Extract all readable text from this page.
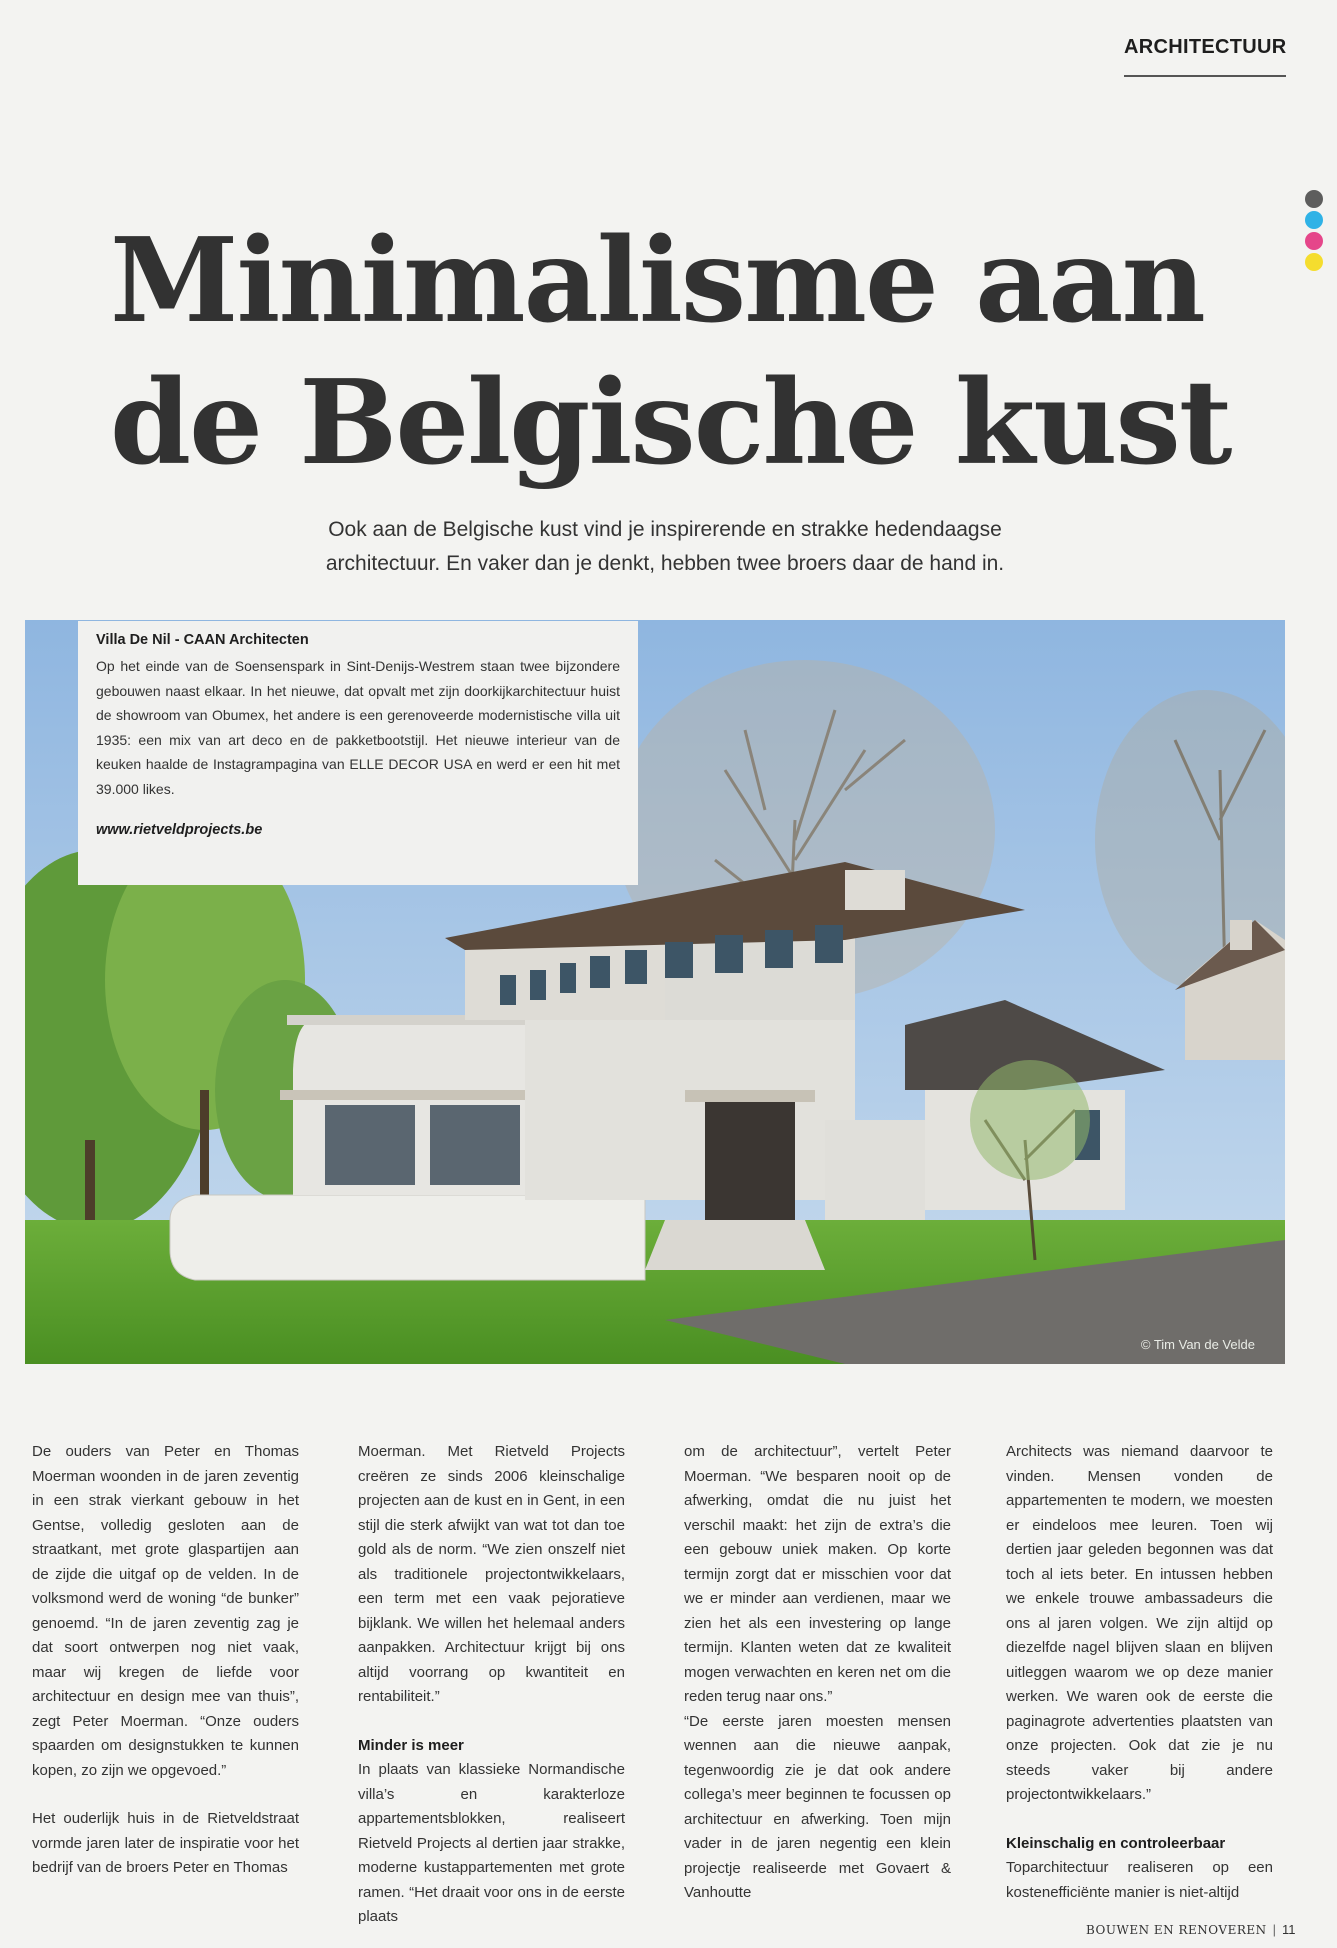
ARCHITECTUUR
Minimalisme aan
de Belgische kust

Ook aan de Belgische kust vind je inspirerende en strakke hedendaagse architectuur. En vaker dan je denkt, hebben twee broers daar de hand in.

© Tim Van de Velde
Villa De Nil - CAAN Architecten
Op het einde van de Soensenspark in Sint-Denijs-Westrem staan twee bijzondere gebouwen naast elkaar. In het nieuwe, dat opvalt met zijn doorkijkarchitectuur huist de showroom van Obumex, het andere is een gerenoveerde modernistische villa uit 1935: een mix van art deco en de pakketbootstijl. Het nieuwe interieur van de keuken haalde de Instagrampagina van ELLE DECOR USA en werd er een hit met 39.000 likes.
www.rietveldprojects.be

De ouders van Peter en Thomas Moerman woonden in de jaren zeventig in een strak vierkant gebouw in het Gentse, volledig gesloten aan de straatkant, met grote glaspartijen aan de zijde die uitgaf op de velden. In de volksmond werd de woning “de bunker” genoemd. “In de jaren zeventig zag je dat soort ontwerpen nog niet vaak, maar wij kregen de liefde voor architectuur en design mee van thuis”, zegt Peter Moerman. “Onze ouders spaarden om designstukken te kunnen kopen, zo zijn we opgevoed.”

Het ouderlijk huis in de Rietveldstraat vormde jaren later de inspiratie voor het bedrijf van de broers Peter en Thomas

Moerman. Met Rietveld Projects creëren ze sinds 2006 kleinschalige projecten aan de kust en in Gent, in een stijl die sterk afwijkt van wat tot dan toe gold als de norm. “We zien onszelf niet als traditionele projectontwikkelaars, een term met een vaak pejoratieve bijklank. We willen het helemaal anders aanpakken. Architectuur krijgt bij ons altijd voorrang op kwantiteit en rentabiliteit.”

Minder is meer

In plaats van klassieke Normandische villa’s en karakterloze appartementsblokken, realiseert Rietveld Projects al dertien jaar strakke, moderne kustappartementen met grote ramen. “Het draait voor ons in de eerste plaats

om de architectuur”, vertelt Peter Moerman. “We besparen nooit op de afwerking, omdat die nu juist het verschil maakt: het zijn de extra’s die een gebouw uniek maken. Op korte termijn zorgt dat er misschien voor dat we er minder aan verdienen, maar we zien het als een investering op lange termijn. Klanten weten dat ze kwaliteit mogen verwachten en keren net om die reden terug naar ons.”

“De eerste jaren moesten mensen wennen aan die nieuwe aanpak, tegenwoordig zie je dat ook andere collega’s meer beginnen te focussen op architectuur en afwerking. Toen mijn vader in de jaren negentig een klein projectje realiseerde met Govaert & Vanhoutte

Architects was niemand daarvoor te vinden. Mensen vonden de appartementen te modern, we moesten er eindeloos mee leuren. Toen wij dertien jaar geleden begonnen was dat toch al iets beter. En intussen hebben we enkele trouwe ambassadeurs die ons al jaren volgen. We zijn altijd op diezelfde nagel blijven slaan en blijven uitleggen waarom we op deze manier werken. We waren ook de eerste die paginagrote advertenties plaatsten van onze projecten. Ook dat zie je nu steeds vaker bij andere projectontwikkelaars.”

Kleinschalig en controleerbaar

Toparchitectuur realiseren op een kostenefficiënte manier is niet-altijd

BOUWEN EN RENOVEREN | 11
